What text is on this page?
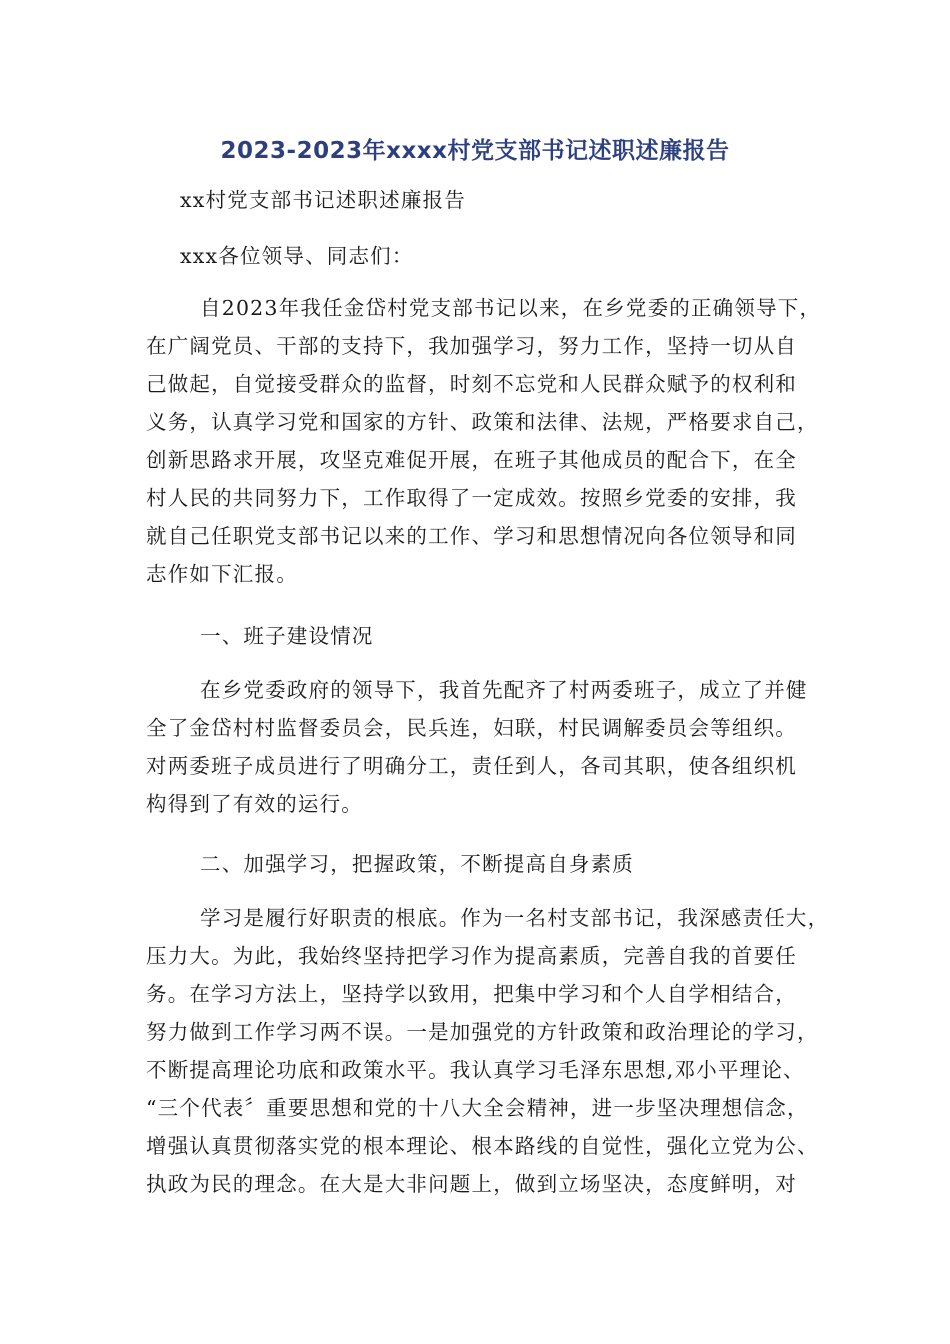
2023-2023年xxxx村党支部书记述职述廉报告
xx村党支部书记述职述廉报告
xxx各位领导、同志们：
自2023年我任金岱村党支部书记以来，在乡党委的正确领导下，
在广阔党员、干部的支持下，我加强学习，努力工作，坚持一切从自
己做起，自觉接受群众的监督，时刻不忘党和人民群众赋予的权利和
义务，认真学习党和国家的方针、政策和法律、法规，严格要求自己，
创新思路求开展，攻坚克难促开展，在班子其他成员的配合下，在全
村人民的共同努力下，工作取得了一定成效。按照乡党委的安排，我
就自己任职党支部书记以来的工作、学习和思想情况向各位领导和同
志作如下汇报。
一、班子建设情况
在乡党委政府的领导下，我首先配齐了村两委班子，成立了并健
全了金岱村村监督委员会，民兵连，妇联，村民调解委员会等组织。
对两委班子成员进行了明确分工，责任到人，各司其职，使各组织机
构得到了有效的运行。
二、加强学习，把握政策，不断提高自身素质
学习是履行好职责的根底。作为一名村支部书记，我深感责任大，
压力大。为此，我始终坚持把学习作为提高素质，完善自我的首要任
务。在学习方法上，坚持学以致用，把集中学习和个人自学相结合，
努力做到工作学习两不误。一是加强党的方针政策和政治理论的学习，
不断提高理论功底和政策水平。我认真学习毛泽东思想,邓小平理论、
“三个代表〞重要思想和党的十八大全会精神，进一步坚决理想信念，
增强认真贯彻落实党的根本理论、根本路线的自觉性，强化立党为公、
执政为民的理念。在大是大非问题上，做到立场坚决，态度鲜明，对
